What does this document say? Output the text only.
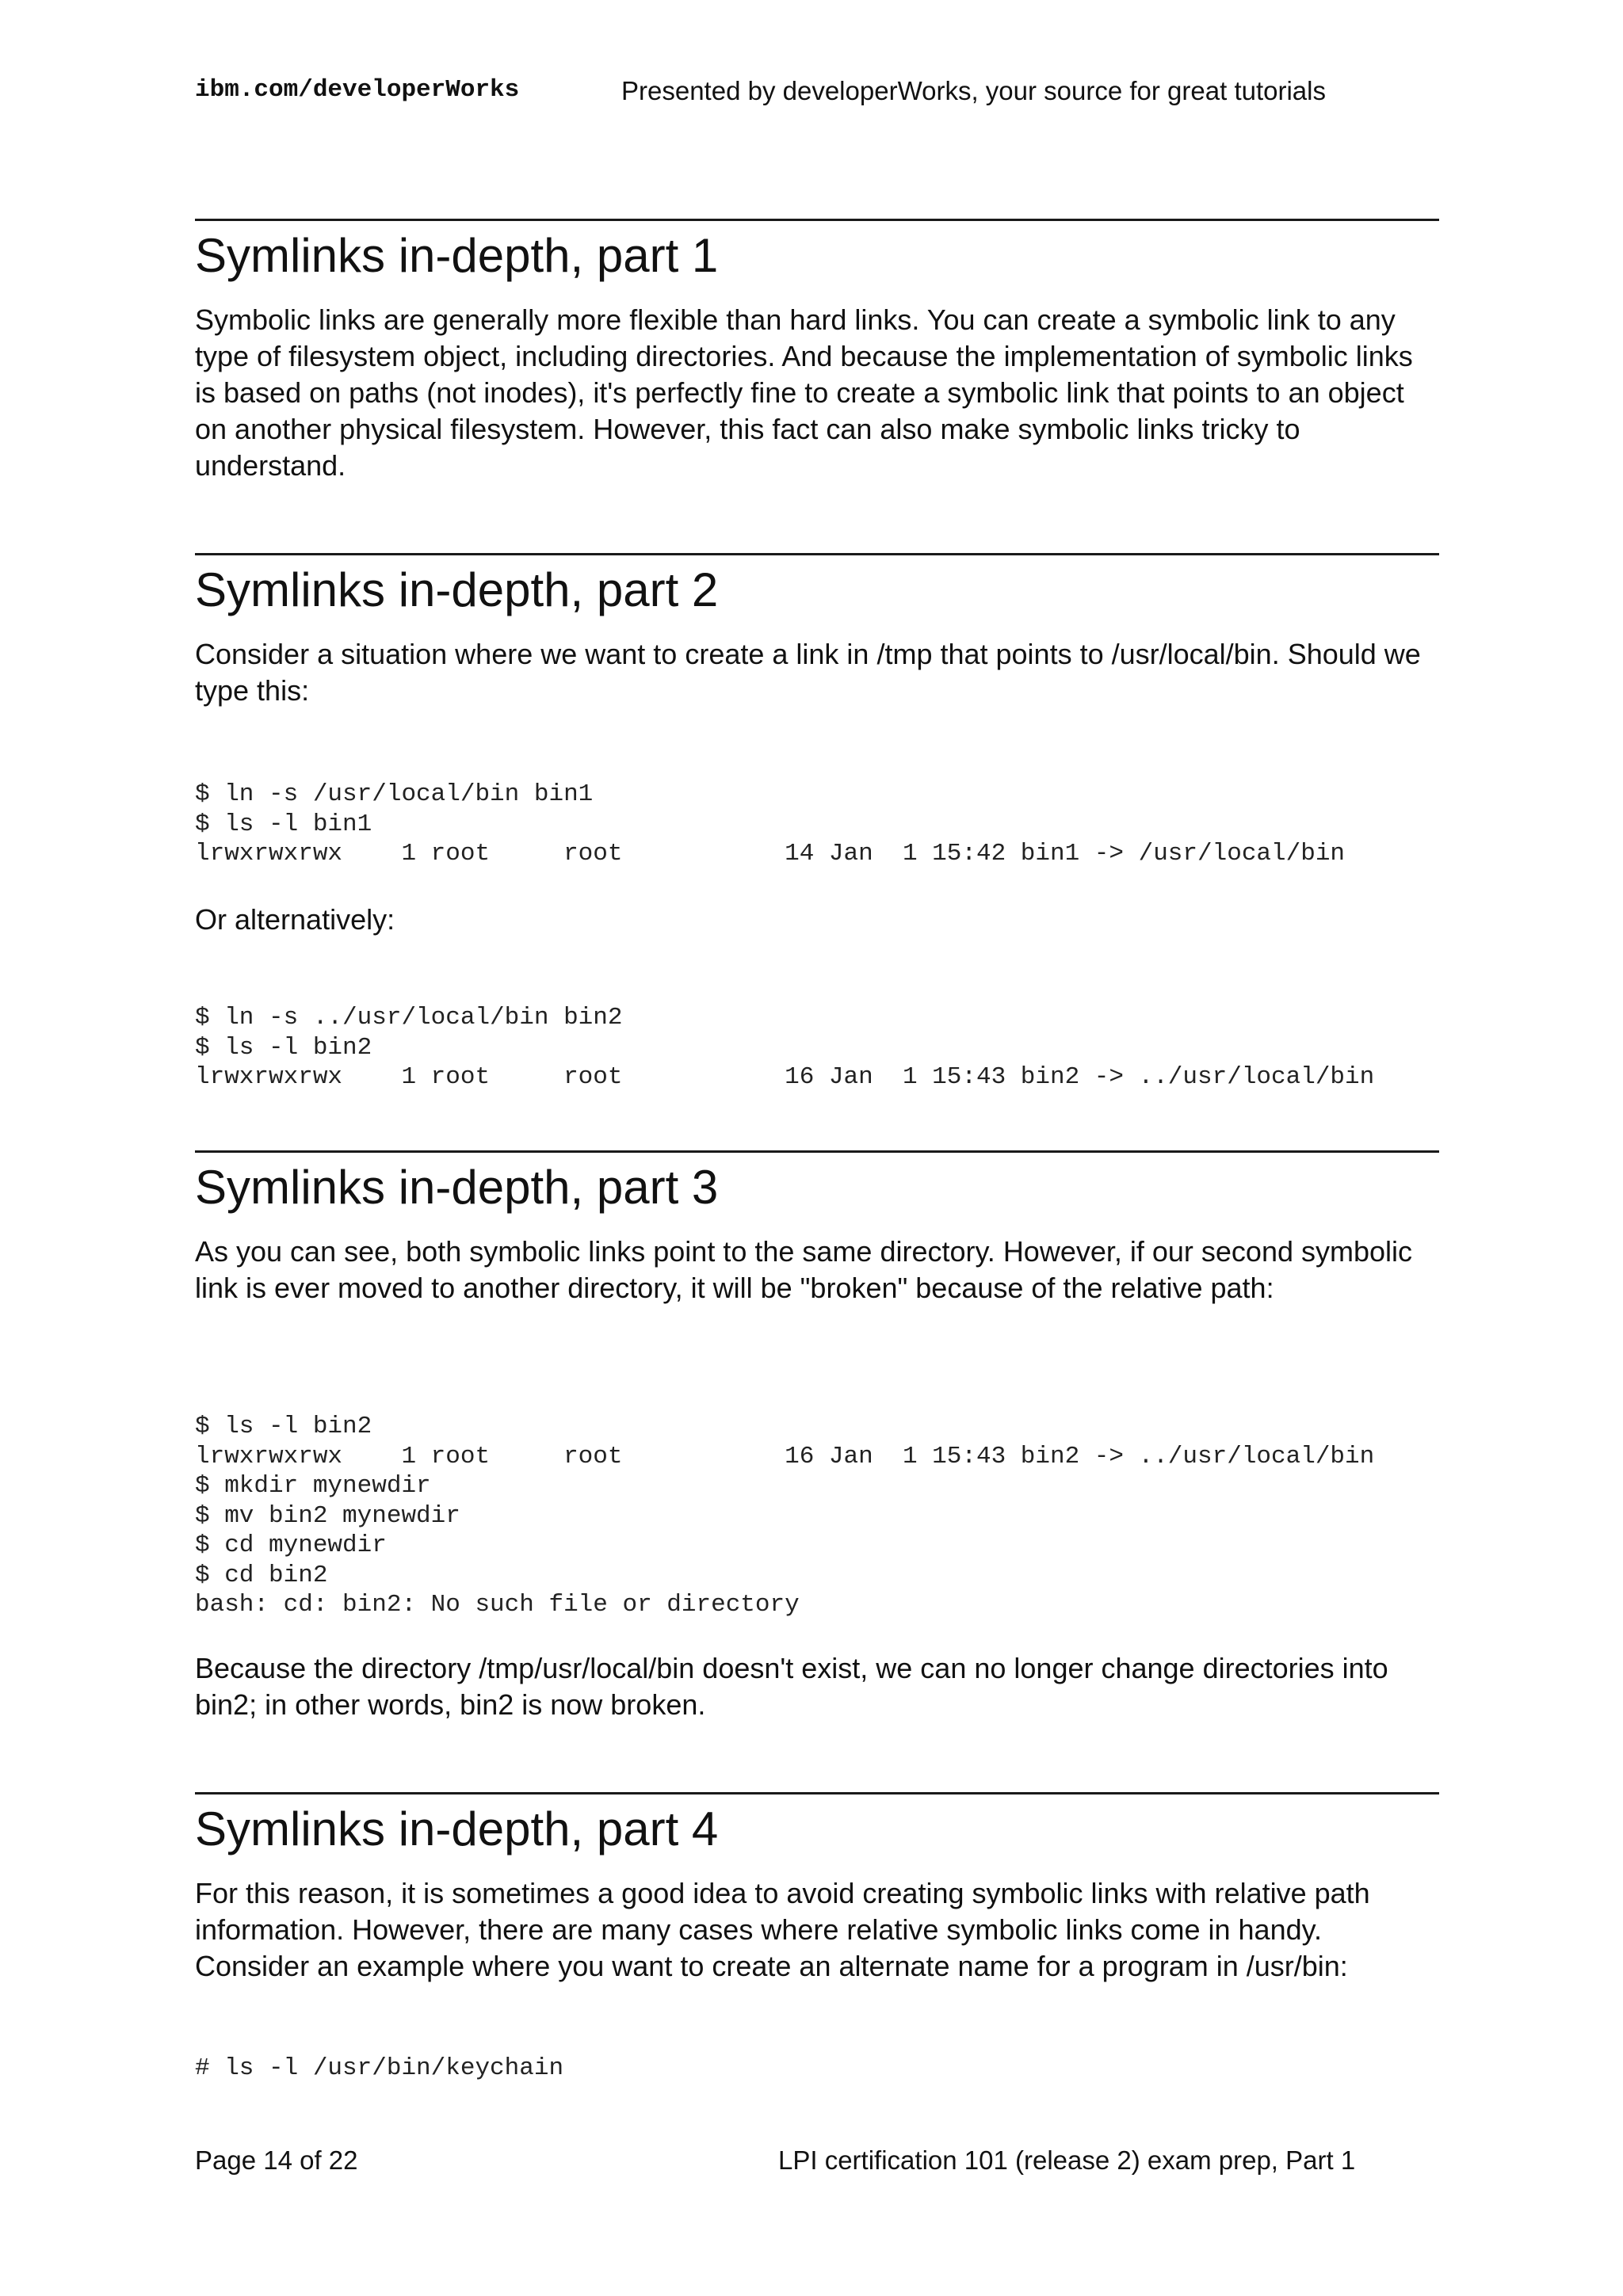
ibm.com/developerWorks	Presented by developerWorks, your source for great tutorials
Symlinks in-depth, part 1

Symbolic links are generally more flexible than hard links. You can create a symbolic link to any type of filesystem object, including directories. And because the implementation of symbolic links is based on paths (not inodes), it's perfectly fine to create a symbolic link that points to an object on another physical filesystem. However, this fact can also make symbolic links tricky to understand.

Symlinks in-depth, part 2

Consider a situation where we want to create a link in /tmp that points to /usr/local/bin. Should we type this:

$ ln -s /usr/local/bin bin1
$ ls -l bin1
lrwxrwxrwx    1 root     root           14 Jan  1 15:42 bin1 -> /usr/local/bin

Or alternatively:

$ ln -s ../usr/local/bin bin2
$ ls -l bin2
lrwxrwxrwx    1 root     root           16 Jan  1 15:43 bin2 -> ../usr/local/bin
Symlinks in-depth, part 3

As you can see, both symbolic links point to the same directory. However, if our second symbolic link is ever moved to another directory, it will be "broken" because of the relative path:

$ ls -l bin2
lrwxrwxrwx    1 root     root           16 Jan  1 15:43 bin2 -> ../usr/local/bin
$ mkdir mynewdir
$ mv bin2 mynewdir
$ cd mynewdir
$ cd bin2
bash: cd: bin2: No such file or directory

Because the directory /tmp/usr/local/bin doesn't exist, we can no longer change directories into bin2; in other words, bin2 is now broken.

Symlinks in-depth, part 4

For this reason, it is sometimes a good idea to avoid creating symbolic links with relative path information. However, there are many cases where relative symbolic links come in handy. Consider an example where you want to create an alternate name for a program in /usr/bin:

# ls -l /usr/bin/keychain
Page 14 of 22	LPI certification 101 (release 2) exam prep, Part 1
